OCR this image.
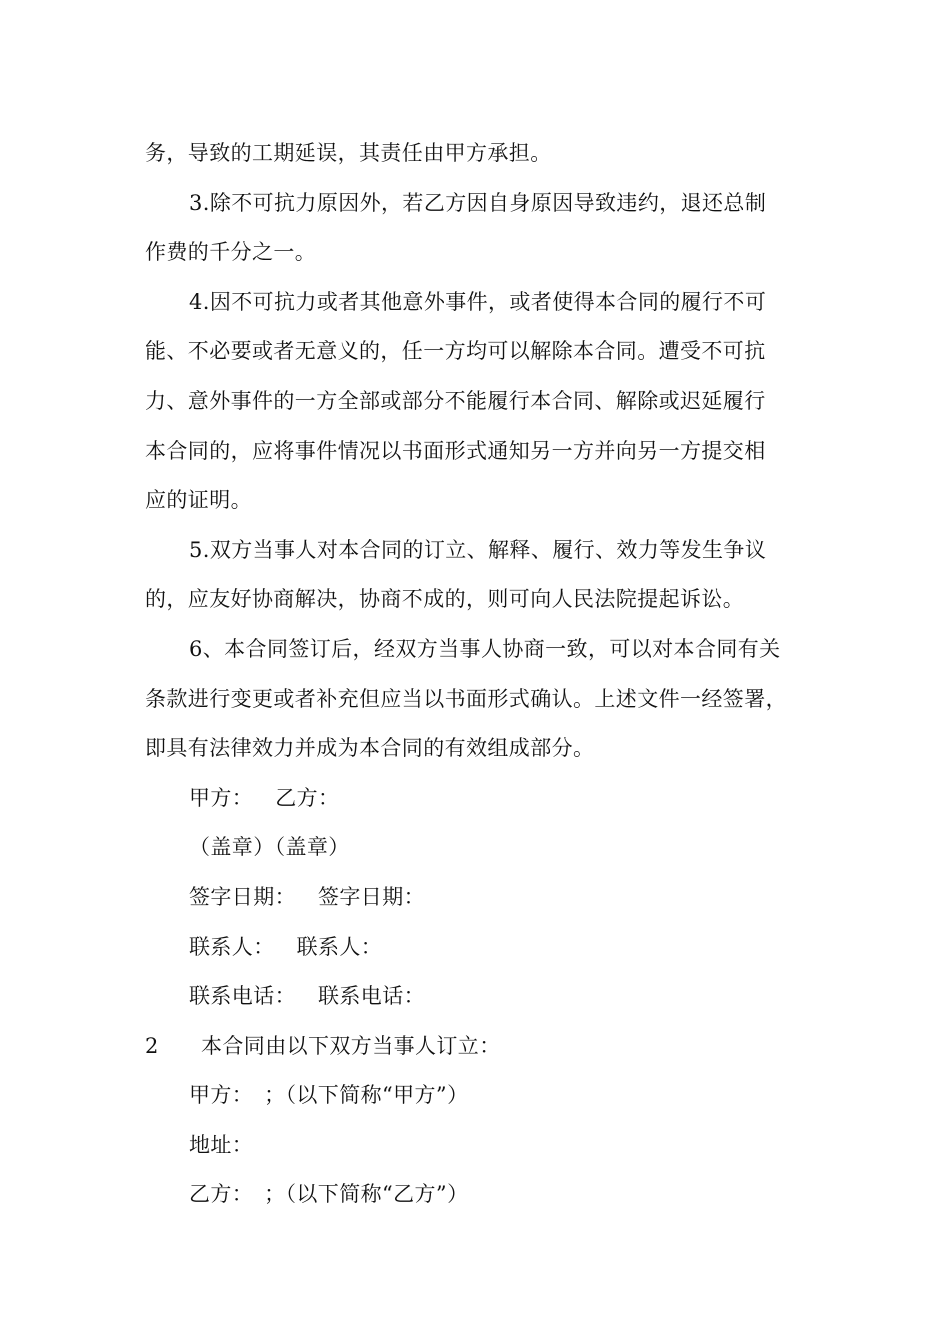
务，导致的工期延误，其责任由甲方承担。
3.除不可抗力原因外，若乙方因自身原因导致违约，退还总制
作费的千分之一。
4.因不可抗力或者其他意外事件，或者使得本合同的履行不可
能、不必要或者无意义的，任一方均可以解除本合同。遭受不可抗
力、意外事件的一方全部或部分不能履行本合同、解除或迟延履行
本合同的，应将事件情况以书面形式通知另一方并向另一方提交相
应的证明。
5.双方当事人对本合同的订立、解释、履行、效力等发生争议
的，应友好协商解决，协商不成的，则可向人民法院提起诉讼。
6、本合同签订后，经双方当事人协商一致，可以对本合同有关
条款进行变更或者补充但应当以书面形式确认。上述文件一经签署，
即具有法律效力并成为本合同的有效组成部分。
甲方： 乙方：
（盖章）（盖章）
签字日期： 签字日期：
联系人： 联系人：
联系电话： 联系电话：
2 本合同由以下双方当事人订立：
甲方：　；（以下简称“甲方”）
地址：
乙方：　；（以下简称“乙方”）
